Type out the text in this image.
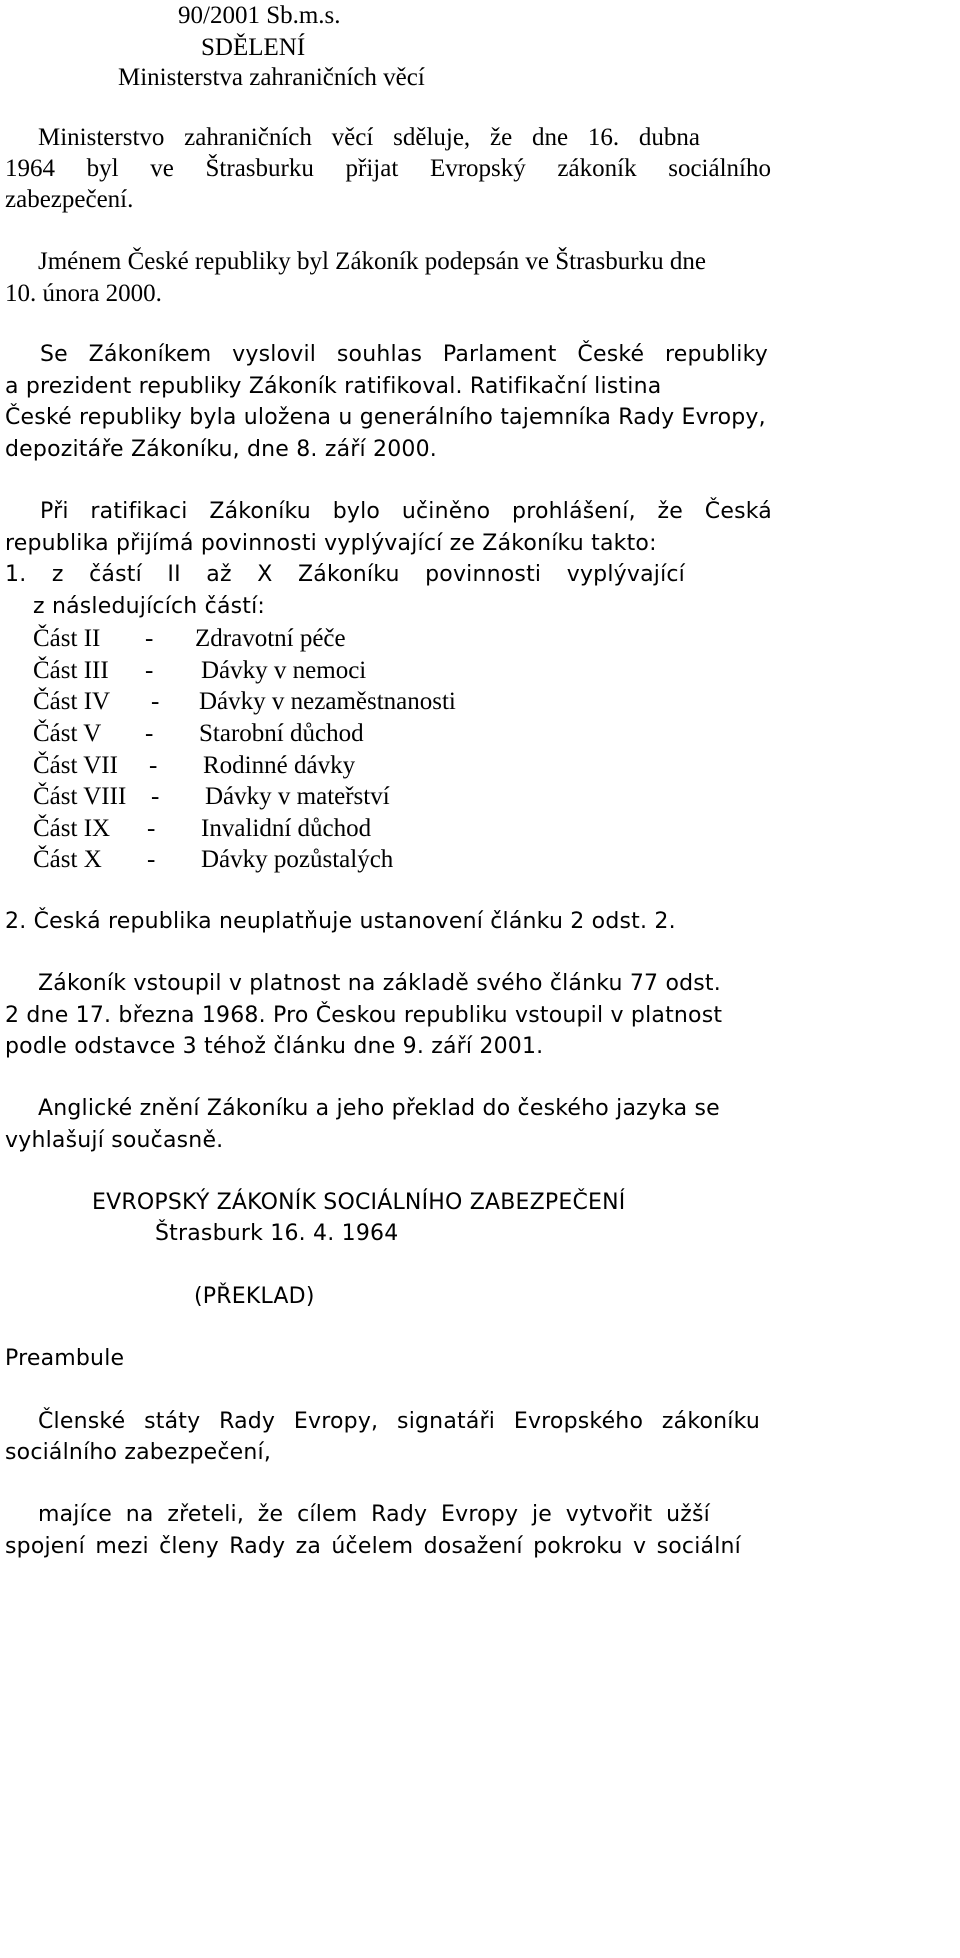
90/2001 Sb.m.s.
SDĚLENÍ
Ministerstva zahraničních věcí
Ministerstvo zahraničních věcí sděluje, že dne 16. dubna
1964 byl ve Štrasburku přijat Evropský zákoník sociálního
zabezpečení.
Jménem České republiky byl Zákoník podepsán ve Štrasburku dne
10. února 2000.
Se Zákoníkem vyslovil souhlas Parlament České republiky
a prezident republiky Zákoník ratifikoval. Ratifikační listina
České republiky byla uložena u generálního tajemníka Rady Evropy,
depozitáře Zákoníku, dne 8. září 2000.
Při ratifikaci Zákoníku bylo učiněno prohlášení, že Česká
republika přijímá povinnosti vyplývající ze Zákoníku takto:
1. z částí II až X Zákoníku povinnosti vyplývající
z následujících částí:
Část II - Zdravotní péče
Část III - Dávky v nemoci
Část IV - Dávky v nezaměstnanosti
Část V - Starobní důchod
Část VII - Rodinné dávky
Část VIII - Dávky v mateřství
Část IX - Invalidní důchod
Část X - Dávky pozůstalých
2. Česká republika neuplatňuje ustanovení článku 2 odst. 2.
Zákoník vstoupil v platnost na základě svého článku 77 odst.
2 dne 17. března 1968. Pro Českou republiku vstoupil v platnost
podle odstavce 3 téhož článku dne 9. září 2001.
Anglické znění Zákoníku a jeho překlad do českého jazyka se
vyhlašují současně.
EVROPSKÝ ZÁKONÍK SOCIÁLNÍHO ZABEZPEČENÍ
Štrasburk 16. 4. 1964
(PŘEKLAD)
Preambule
Členské státy Rady Evropy, signatáři Evropského zákoníku
sociálního zabezpečení,
majíce na zřeteli, že cílem Rady Evropy je vytvořit užší
spojení mezi členy Rady za účelem dosažení pokroku v sociální
